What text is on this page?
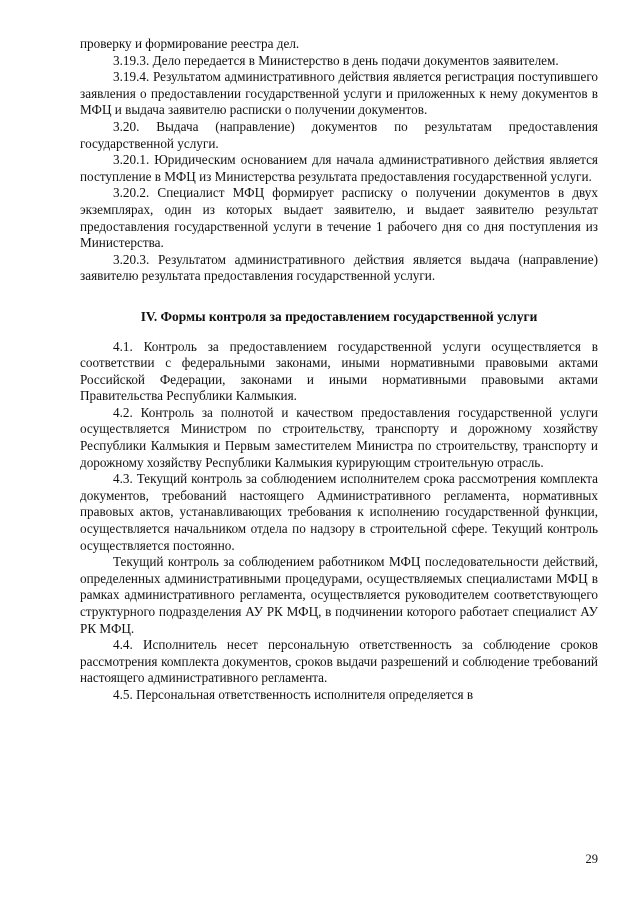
проверку и формирование реестра дел.

3.19.3. Дело передается в Министерство в день подачи документов заявителем.

3.19.4. Результатом административного действия является регистрация поступившего заявления о предоставлении государственной услуги и приложенных к нему документов в МФЦ и выдача заявителю расписки о получении документов.

3.20. Выдача (направление) документов по результатам предоставления государственной услуги.

3.20.1. Юридическим основанием для начала административного действия является поступление в МФЦ из Министерства результата предоставления государственной услуги.

3.20.2. Специалист МФЦ формирует расписку о получении документов в двух экземплярах, один из которых выдает заявителю, и выдает заявителю результат предоставления государственной услуги в течение 1 рабочего дня со дня поступления из Министерства.

3.20.3. Результатом административного действия является выдача (направление) заявителю результата предоставления государственной услуги.

IV. Формы контроля за предоставлением государственной услуги

4.1. Контроль за предоставлением государственной услуги осуществляется в соответствии с федеральными законами, иными нормативными правовыми актами Российской Федерации, законами и иными нормативными правовыми актами Правительства Республики Калмыкия.

4.2. Контроль за полнотой и качеством предоставления государственной услуги осуществляется Министром по строительству, транспорту и дорожному хозяйству Республики Калмыкия и Первым заместителем Министра по строительству, транспорту и дорожному хозяйству Республики Калмыкия курирующим строительную отрасль.

4.3. Текущий контроль за соблюдением исполнителем срока рассмотрения комплекта документов, требований настоящего Административного регламента, нормативных правовых актов, устанавливающих требования к исполнению государственной функции, осуществляется начальником отдела по надзору в строительной сфере. Текущий контроль осуществляется постоянно.

Текущий контроль за соблюдением работником МФЦ последовательности действий, определенных административными процедурами, осуществляемых специалистами МФЦ в рамках административного регламента, осуществляется руководителем соответствующего структурного подразделения АУ РК МФЦ, в подчинении которого работает специалист АУ РК МФЦ.

4.4. Исполнитель несет персональную ответственность за соблюдение сроков рассмотрения комплекта документов, сроков выдачи разрешений и соблюдение требований настоящего административного регламента.

4.5. Персональная ответственность исполнителя определяется в

29
